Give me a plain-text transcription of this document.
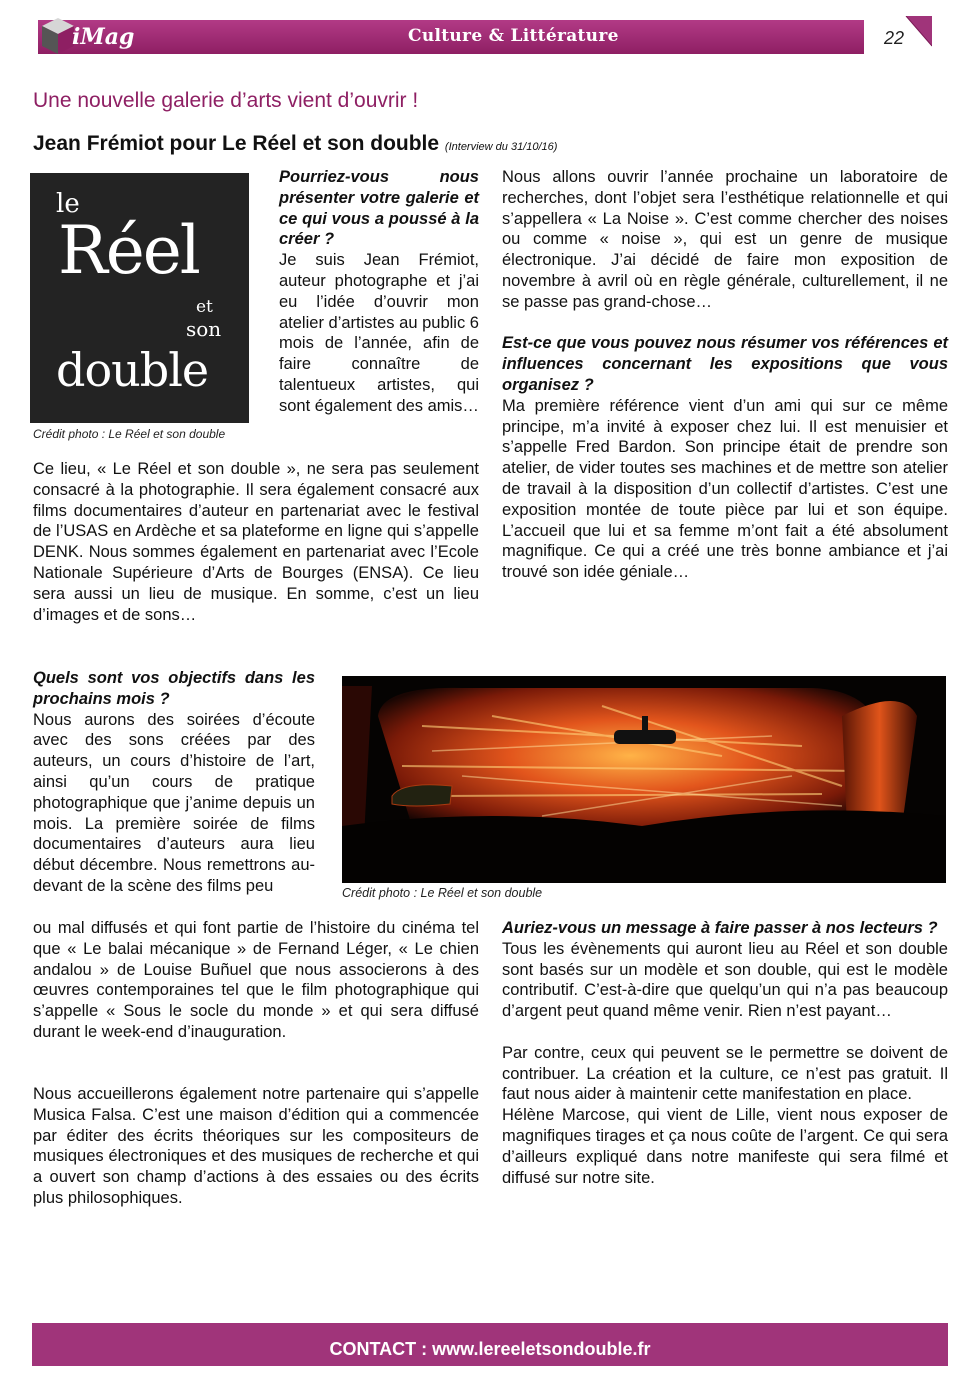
iMag	Culture & Littérature	22
Une nouvelle galerie d’arts vient d’ouvrir !
Jean Frémiot pour Le Réel et son double (Interview du 31/10/16)
le
Réel
et
son
double
Crédit photo : Le Réel et son double

Pourriez-vous nous présenter votre galerie et ce qui vous a poussé à la créer ?

Je suis Jean Frémiot, auteur photographe et j’ai eu l’idée d’ouvrir mon atelier d’artistes au public 6 mois de l’année, afin de faire connaître de talentueux artistes, qui sont également des amis…

Ce lieu, « Le Réel et son double », ne sera pas seulement consacré à la photographie. Il sera également consacré aux films documentaires d’auteur en partenariat avec le festival de l’USAS en Ardèche et sa plateforme en ligne qui s’appelle DENK. Nous sommes également en partenariat avec l’Ecole Nationale Supérieure d’Arts de Bourges (ENSA). Ce lieu sera aussi un lieu de musique. En somme, c’est un lieu d’images et de sons…

Nous allons ouvrir l’année prochaine un laboratoire de recherches, dont l’objet sera l’esthétique relationnelle et qui s’appellera « La Noise ». C’est comme chercher des noises ou comme « noise », qui est un genre de musique électronique. J’ai décidé de faire mon exposition de novembre à avril où en règle générale, culturellement, il ne se passe pas grand-chose…

Est-ce que vous pouvez nous résumer vos références et influences concernant les expositions que vous organisez ?

Ma première référence vient d’un ami qui sur ce même principe, m’a invité à exposer chez lui. Il est menuisier et s’appelle Fred Bardon. Son principe était de prendre son atelier, de vider toutes ses machines et de mettre son atelier de travail à la disposition d’un collectif d’artistes. C’est une exposition montée de toute pièce par lui et son équipe. L’accueil que lui et sa femme m’ont fait a été absolument magnifique. Ce qui a créé une très bonne ambiance et j’ai trouvé son idée géniale…

Quels sont vos objectifs dans les prochains mois ?

Nous aurons des soirées d’écoute avec des sons créées par des auteurs, un cours d’histoire de l’art, ainsi qu’un cours de pratique photographique que j’anime depuis un mois. La première soirée de films documentaires d’auteurs aura lieu début décembre. Nous remettrons au-devant de la scène des films peu

ou mal diffusés et qui font partie de l’histoire du cinéma tel que « Le balai mécanique » de Fernand Léger, « Le chien andalou » de Louise Buñuel que nous associerons à des œuvres contemporaines tel que le film photographique qui s’appelle « Sous le socle du monde » et qui sera diffusé durant le week-end d’inauguration.
Nous accueillerons également notre partenaire qui s’appelle Musica Falsa. C’est une maison d’édition qui a commencée par éditer des écrits théoriques sur les compositeurs de musiques électroniques et des musiques de recherche et qui a ouvert son champ d’actions à des essaies ou des écrits plus philosophiques.
Crédit photo : Le Réel et son double

Auriez-vous un message à faire passer à nos lecteurs ?

Tous les évènements qui auront lieu au Réel et son double sont basés sur un modèle et son double, qui est le modèle contributif. C’est-à-dire que quelqu’un qui n’a pas beaucoup d’argent peut quand même venir. Rien n’est payant…

Par contre, ceux qui peuvent se le permettre se doivent de contribuer. La création et la culture, ce n’est pas gratuit. Il faut nous aider à maintenir cette manifestation en place.

Hélène Marcose, qui vient de Lille, vient nous exposer de magnifiques tirages et ça nous coûte de l’argent. Ce qui sera d’ailleurs expliqué dans notre manifeste qui sera filmé et diffusé sur notre site.

CONTACT : www.lereeletsondouble.fr
